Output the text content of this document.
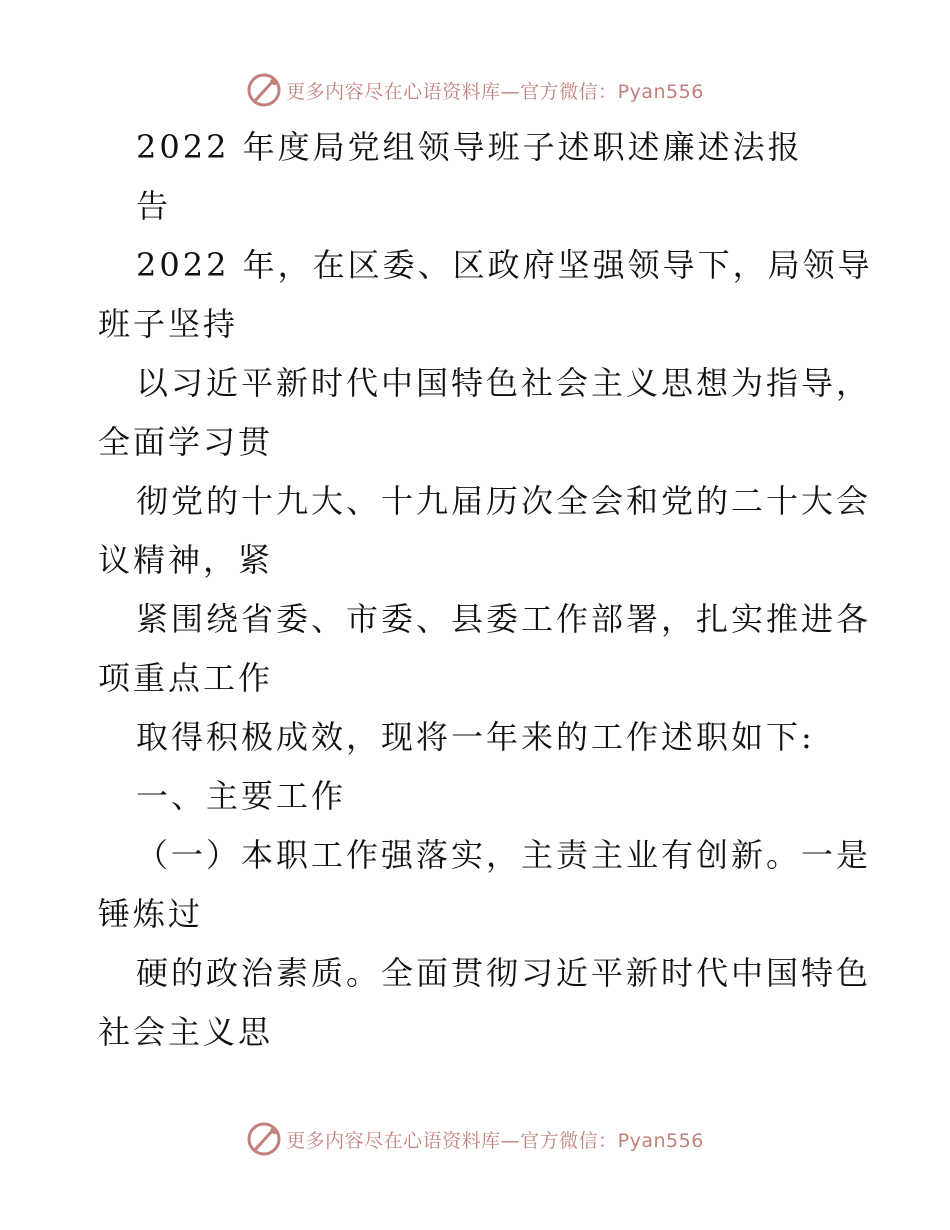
更多内容尽在心语资料库—官方微信：Pyan556
2022 年度局党组领导班子述职述廉述法报
告
2022 年，在区委、区政府坚强领导下，局领导
班子坚持
以习近平新时代中国特色社会主义思想为指导，
全面学习贯
彻党的十九大、十九届历次全会和党的二十大会
议精神，紧
紧围绕省委、市委、县委工作部署，扎实推进各
项重点工作
取得积极成效，现将一年来的工作述职如下:
一、主要工作
（一）本职工作强落实，主责主业有创新。一是
锤炼过
硬的政治素质。全面贯彻习近平新时代中国特色
社会主义思
更多内容尽在心语资料库—官方微信：Pyan556
